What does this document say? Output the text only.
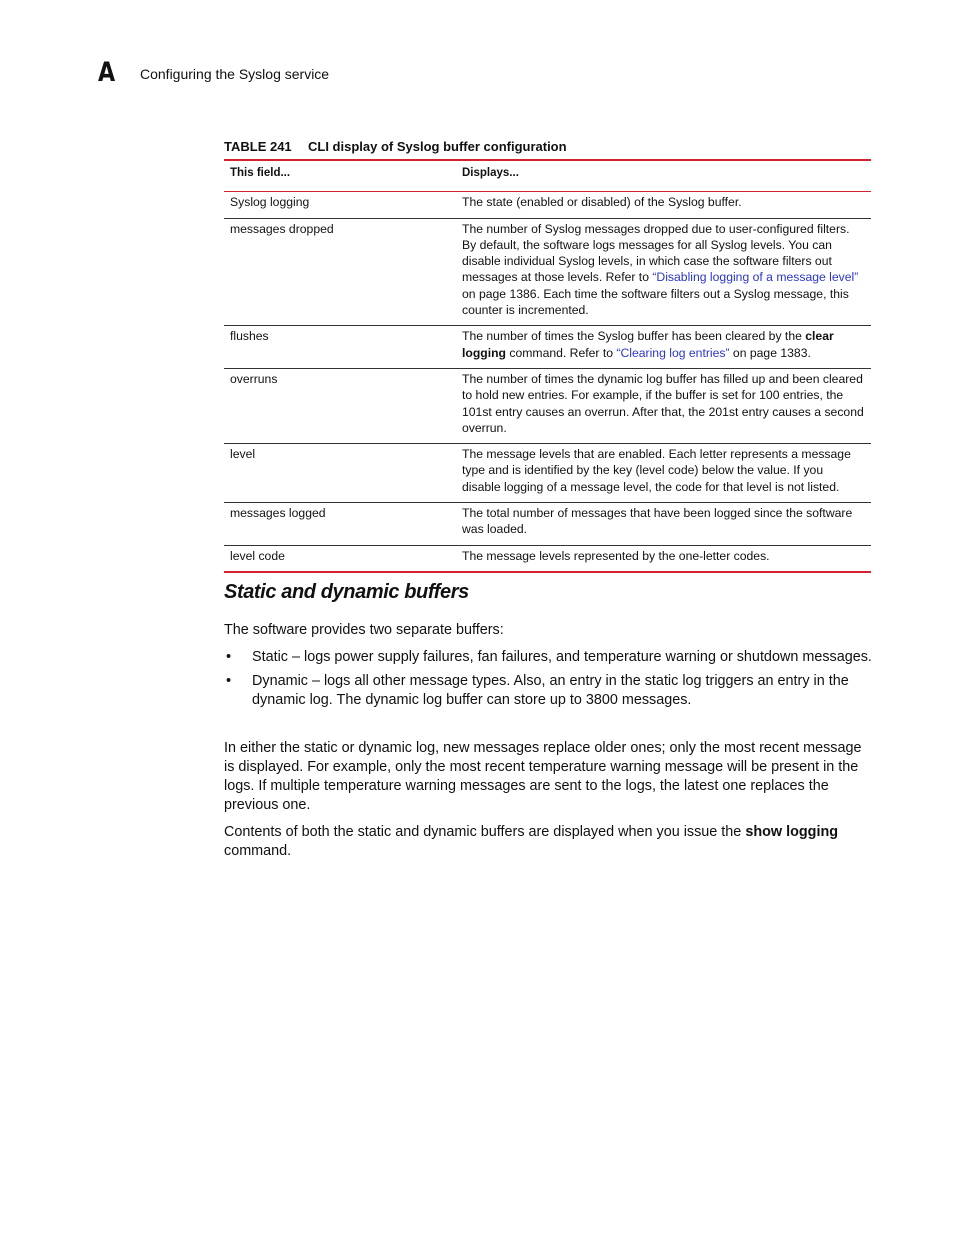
A Configuring the Syslog service
TABLE 241 CLI display of Syslog buffer configuration
This field...	Displays...
Syslog logging	The state (enabled or disabled) of the Syslog buffer.
messages dropped	The number of Syslog messages dropped due to user-configured filters. By default, the software logs messages for all Syslog levels. You can disable individual Syslog levels, in which case the software filters out messages at those levels. Refer to “Disabling logging of a message level” on page 1386. Each time the software filters out a Syslog message, this counter is incremented.
flushes	The number of times the Syslog buffer has been cleared by the clear logging command. Refer to “Clearing log entries” on page 1383.
overruns	The number of times the dynamic log buffer has filled up and been cleared to hold new entries. For example, if the buffer is set for 100 entries, the 101st entry causes an overrun. After that, the 201st entry causes a second overrun.
level	The message levels that are enabled. Each letter represents a message type and is identified by the key (level code) below the value. If you disable logging of a message level, the code for that level is not listed.
messages logged	The total number of messages that have been logged since the software was loaded.
level code	The message levels represented by the one-letter codes.
Static and dynamic buffers
The software provides two separate buffers:
• Static – logs power supply failures, fan failures, and temperature warning or shutdown messages.
• Dynamic – logs all other message types. Also, an entry in the static log triggers an entry in the dynamic log. The dynamic log buffer can store up to 3800 messages.
In either the static or dynamic log, new messages replace older ones; only the most recent message is displayed. For example, only the most recent temperature warning message will be present in the logs. If multiple temperature warning messages are sent to the logs, the latest one replaces the previous one.
Contents of both the static and dynamic buffers are displayed when you issue the show logging command.
